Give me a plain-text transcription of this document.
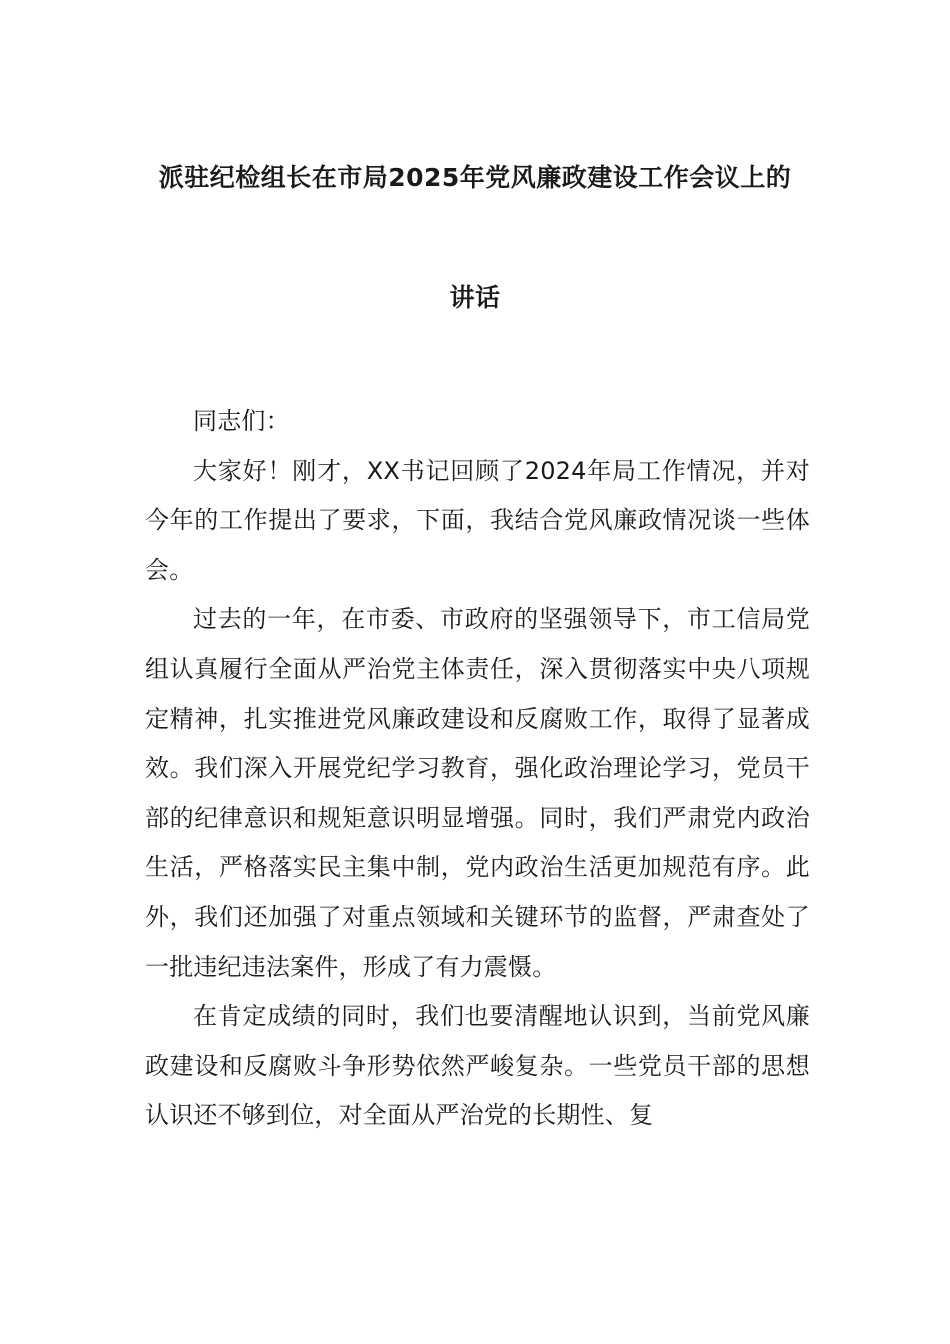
派驻纪检组长在市局2025年党风廉政建设工作会议上的
讲话

同志们：

大家好！刚才，XX书记回顾了2024年局工作情况，并对今年的工作提出了要求，下面，我结合党风廉政情况谈一些体会。

过去的一年，在市委、市政府的坚强领导下，市工信局党组认真履行全面从严治党主体责任，深入贯彻落实中央八项规定精神，扎实推进党风廉政建设和反腐败工作，取得了显著成效。我们深入开展党纪学习教育，强化政治理论学习，党员干部的纪律意识和规矩意识明显增强。同时，我们严肃党内政治生活，严格落实民主集中制，党内政治生活更加规范有序。此外，我们还加强了对重点领域和关键环节的监督，严肃查处了一批违纪违法案件，形成了有力震慑。

在肯定成绩的同时，我们也要清醒地认识到，当前党风廉政建设和反腐败斗争形势依然严峻复杂。一些党员干部的思想认识还不够到位，对全面从严治党的长期性、复
